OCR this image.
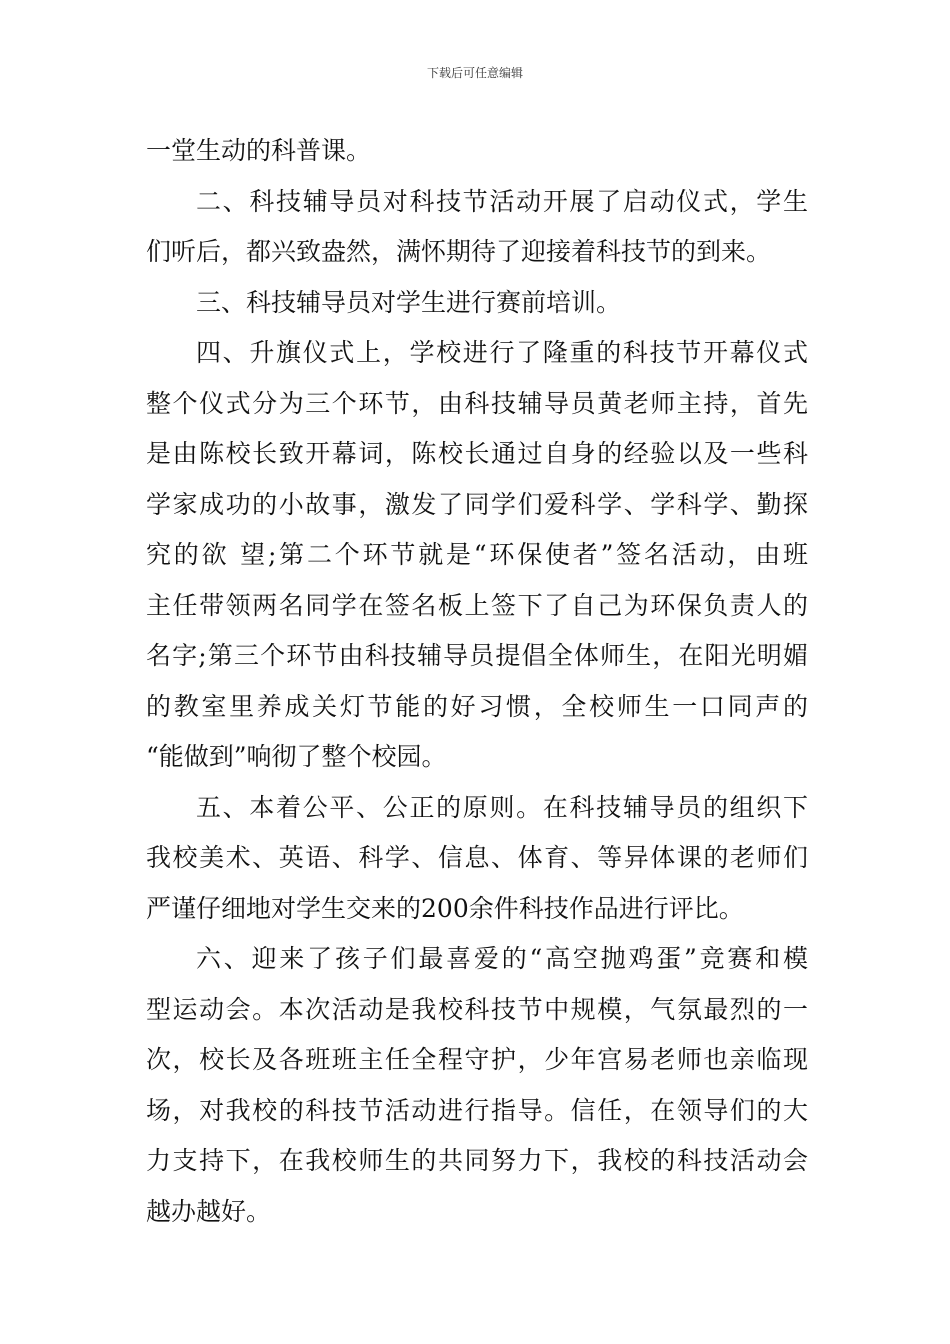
下载后可任意编辑
一堂生动的科普课。
二、科技辅导员对科技节活动开展了启动仪式，学生
们听后，都兴致盎然，满怀期待了迎接着科技节的到来。
三、科技辅导员对学生进行赛前培训。
四、升旗仪式上，学校进行了隆重的科技节开幕仪式
整个仪式分为三个环节，由科技辅导员黄老师主持，首先
是由陈校长致开幕词，陈校长通过自身的经验以及一些科
学家成功的小故事，激发了同学们爱科学、学科学、勤探
究的欲 望;第二个环节就是“环保使者”签名活动，由班
主任带领两名同学在签名板上签下了自己为环保负责人的
名字;第三个环节由科技辅导员提倡全体师生，在阳光明媚
的教室里养成关灯节能的好习惯，全校师生一口同声的
“能做到”响彻了整个校园。
五、本着公平、公正的原则。在科技辅导员的组织下
我校美术、英语、科学、信息、体育、等异体课的老师们
严谨仔细地对学生交来的200余件科技作品进行评比。
六、迎来了孩子们最喜爱的“高空抛鸡蛋”竞赛和模
型运动会。本次活动是我校科技节中规模，气氛最烈的一
次，校长及各班班主任全程守护，少年宫易老师也亲临现
场，对我校的科技节活动进行指导。信任，在领导们的大
力支持下，在我校师生的共同努力下，我校的科技活动会
越办越好。
